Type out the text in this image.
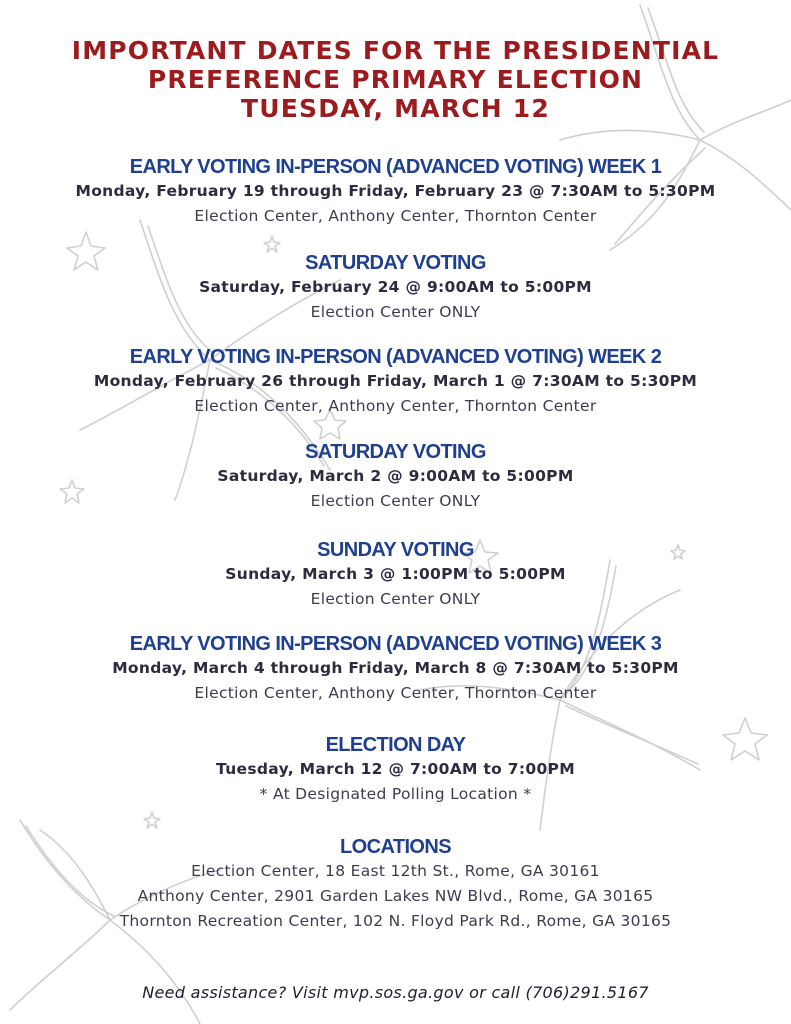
IMPORTANT DATES FOR THE PRESIDENTIAL
PREFERENCE PRIMARY ELECTION
TUESDAY, MARCH 12
EARLY VOTING IN-PERSON (ADVANCED VOTING) WEEK 1

Monday, February 19 through Friday, February 23 @ 7:30AM to 5:30PM

Election Center, Anthony Center, Thornton Center

SATURDAY VOTING

Saturday, February 24 @ 9:00AM to 5:00PM

Election Center ONLY

EARLY VOTING IN-PERSON (ADVANCED VOTING) WEEK 2

Monday, February 26 through Friday, March 1 @ 7:30AM to 5:30PM

Election Center, Anthony Center, Thornton Center

SATURDAY VOTING

Saturday, March 2 @ 9:00AM to 5:00PM

Election Center ONLY

SUNDAY VOTING

Sunday, March 3 @ 1:00PM to 5:00PM

Election Center ONLY

EARLY VOTING IN-PERSON (ADVANCED VOTING) WEEK 3

Monday, March 4 through Friday, March 8 @ 7:30AM to 5:30PM

Election Center, Anthony Center, Thornton Center

ELECTION DAY

Tuesday, March 12 @ 7:00AM to 7:00PM

* At Designated Polling Location *

LOCATIONS
Election Center, 18 East 12th St., Rome, GA 30161
Anthony Center, 2901 Garden Lakes NW Blvd., Rome, GA 30165
Thornton Recreation Center, 102 N. Floyd Park Rd., Rome, GA 30165

Need assistance? Visit mvp.sos.ga.gov or call (706)291.5167
